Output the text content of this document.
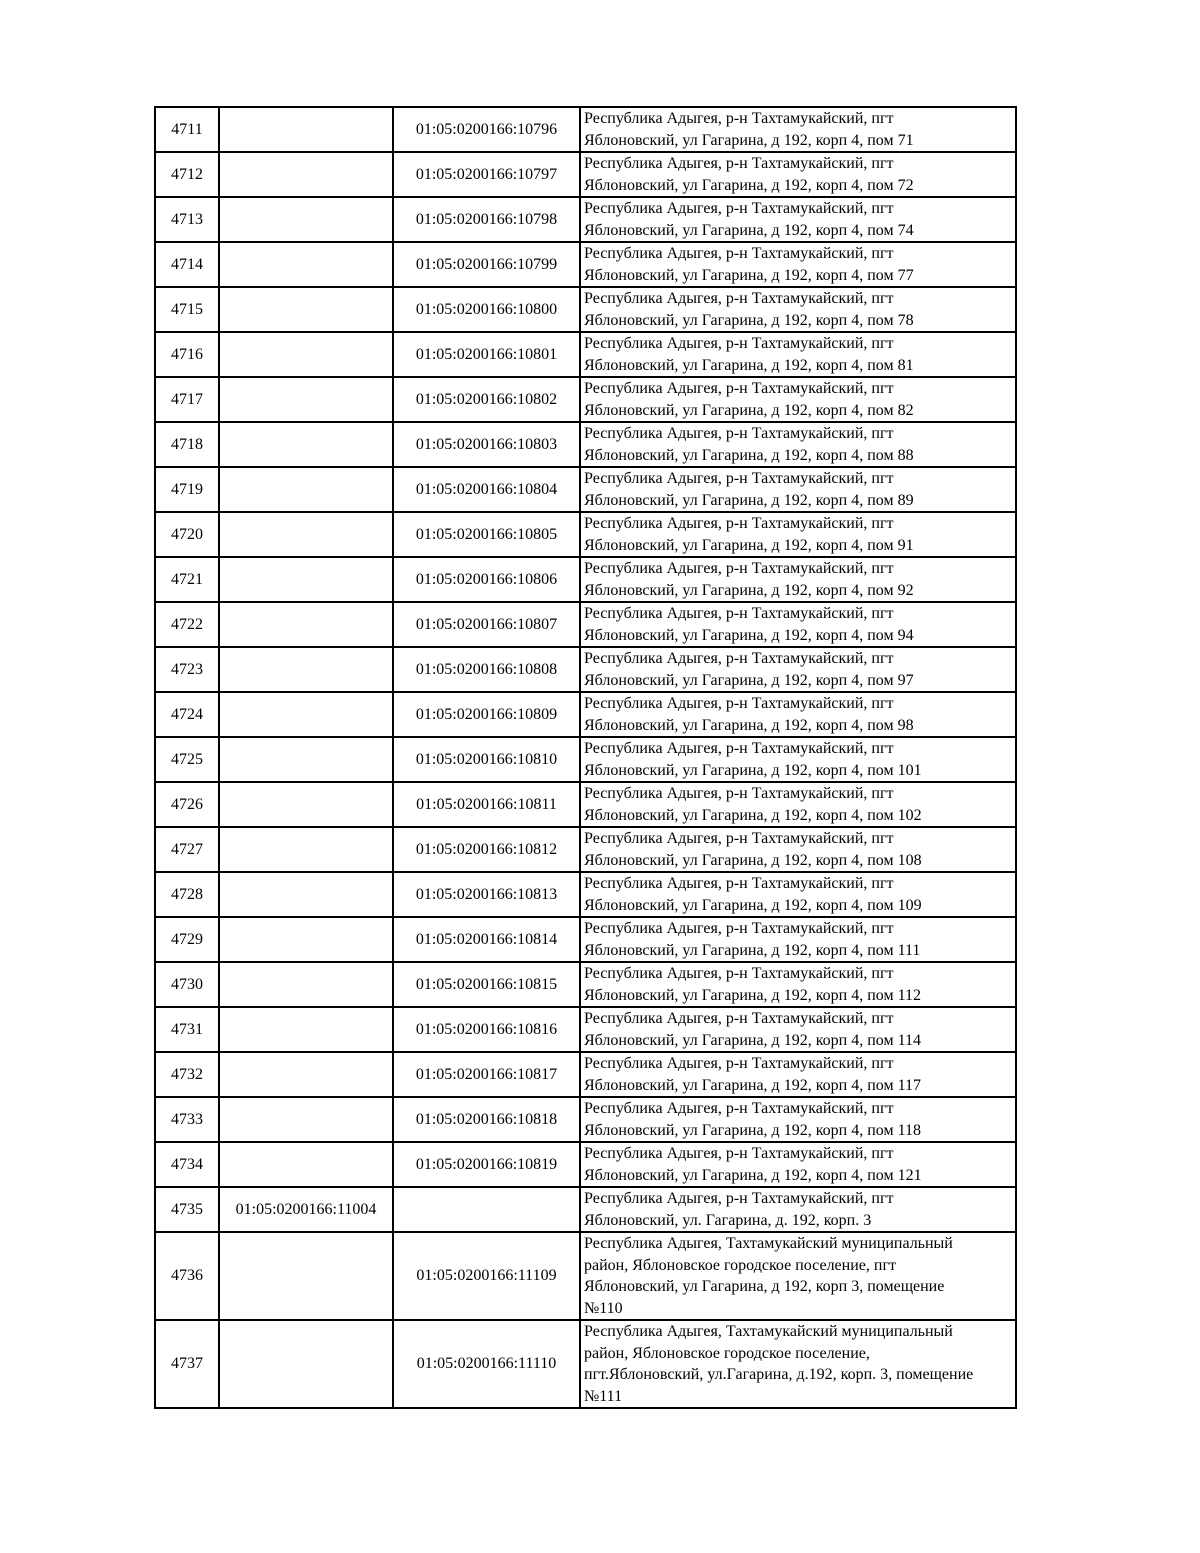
4711		01:05:0200166:10796	Республика Адыгея, р-н Тахтамукайский, пгт
Яблоновский, ул Гагарина, д 192, корп 4, пом 71
4712		01:05:0200166:10797	Республика Адыгея, р-н Тахтамукайский, пгт
Яблоновский, ул Гагарина, д 192, корп 4, пом 72
4713		01:05:0200166:10798	Республика Адыгея, р-н Тахтамукайский, пгт
Яблоновский, ул Гагарина, д 192, корп 4, пом 74
4714		01:05:0200166:10799	Республика Адыгея, р-н Тахтамукайский, пгт
Яблоновский, ул Гагарина, д 192, корп 4, пом 77
4715		01:05:0200166:10800	Республика Адыгея, р-н Тахтамукайский, пгт
Яблоновский, ул Гагарина, д 192, корп 4, пом 78
4716		01:05:0200166:10801	Республика Адыгея, р-н Тахтамукайский, пгт
Яблоновский, ул Гагарина, д 192, корп 4, пом 81
4717		01:05:0200166:10802	Республика Адыгея, р-н Тахтамукайский, пгт
Яблоновский, ул Гагарина, д 192, корп 4, пом 82
4718		01:05:0200166:10803	Республика Адыгея, р-н Тахтамукайский, пгт
Яблоновский, ул Гагарина, д 192, корп 4, пом 88
4719		01:05:0200166:10804	Республика Адыгея, р-н Тахтамукайский, пгт
Яблоновский, ул Гагарина, д 192, корп 4, пом 89
4720		01:05:0200166:10805	Республика Адыгея, р-н Тахтамукайский, пгт
Яблоновский, ул Гагарина, д 192, корп 4, пом 91
4721		01:05:0200166:10806	Республика Адыгея, р-н Тахтамукайский, пгт
Яблоновский, ул Гагарина, д 192, корп 4, пом 92
4722		01:05:0200166:10807	Республика Адыгея, р-н Тахтамукайский, пгт
Яблоновский, ул Гагарина, д 192, корп 4, пом 94
4723		01:05:0200166:10808	Республика Адыгея, р-н Тахтамукайский, пгт
Яблоновский, ул Гагарина, д 192, корп 4, пом 97
4724		01:05:0200166:10809	Республика Адыгея, р-н Тахтамукайский, пгт
Яблоновский, ул Гагарина, д 192, корп 4, пом 98
4725		01:05:0200166:10810	Республика Адыгея, р-н Тахтамукайский, пгт
Яблоновский, ул Гагарина, д 192, корп 4, пом 101
4726		01:05:0200166:10811	Республика Адыгея, р-н Тахтамукайский, пгт
Яблоновский, ул Гагарина, д 192, корп 4, пом 102
4727		01:05:0200166:10812	Республика Адыгея, р-н Тахтамукайский, пгт
Яблоновский, ул Гагарина, д 192, корп 4, пом 108
4728		01:05:0200166:10813	Республика Адыгея, р-н Тахтамукайский, пгт
Яблоновский, ул Гагарина, д 192, корп 4, пом 109
4729		01:05:0200166:10814	Республика Адыгея, р-н Тахтамукайский, пгт
Яблоновский, ул Гагарина, д 192, корп 4, пом 111
4730		01:05:0200166:10815	Республика Адыгея, р-н Тахтамукайский, пгт
Яблоновский, ул Гагарина, д 192, корп 4, пом 112
4731		01:05:0200166:10816	Республика Адыгея, р-н Тахтамукайский, пгт
Яблоновский, ул Гагарина, д 192, корп 4, пом 114
4732		01:05:0200166:10817	Республика Адыгея, р-н Тахтамукайский, пгт
Яблоновский, ул Гагарина, д 192, корп 4, пом 117
4733		01:05:0200166:10818	Республика Адыгея, р-н Тахтамукайский, пгт
Яблоновский, ул Гагарина, д 192, корп 4, пом 118
4734		01:05:0200166:10819	Республика Адыгея, р-н Тахтамукайский, пгт
Яблоновский, ул Гагарина, д 192, корп 4, пом 121
4735	01:05:0200166:11004		Республика Адыгея, р-н Тахтамукайский, пгт
Яблоновский, ул. Гагарина, д. 192, корп. 3
4736		01:05:0200166:11109	Республика Адыгея, Тахтамукайский муниципальный
район, Яблоновское городское поселение, пгт
Яблоновский, ул Гагарина, д 192, корп 3, помещение
№110
4737		01:05:0200166:11110	Республика Адыгея, Тахтамукайский муниципальный
район, Яблоновское городское поселение,
пгт.Яблоновский, ул.Гагарина, д.192, корп. 3, помещение
№111
